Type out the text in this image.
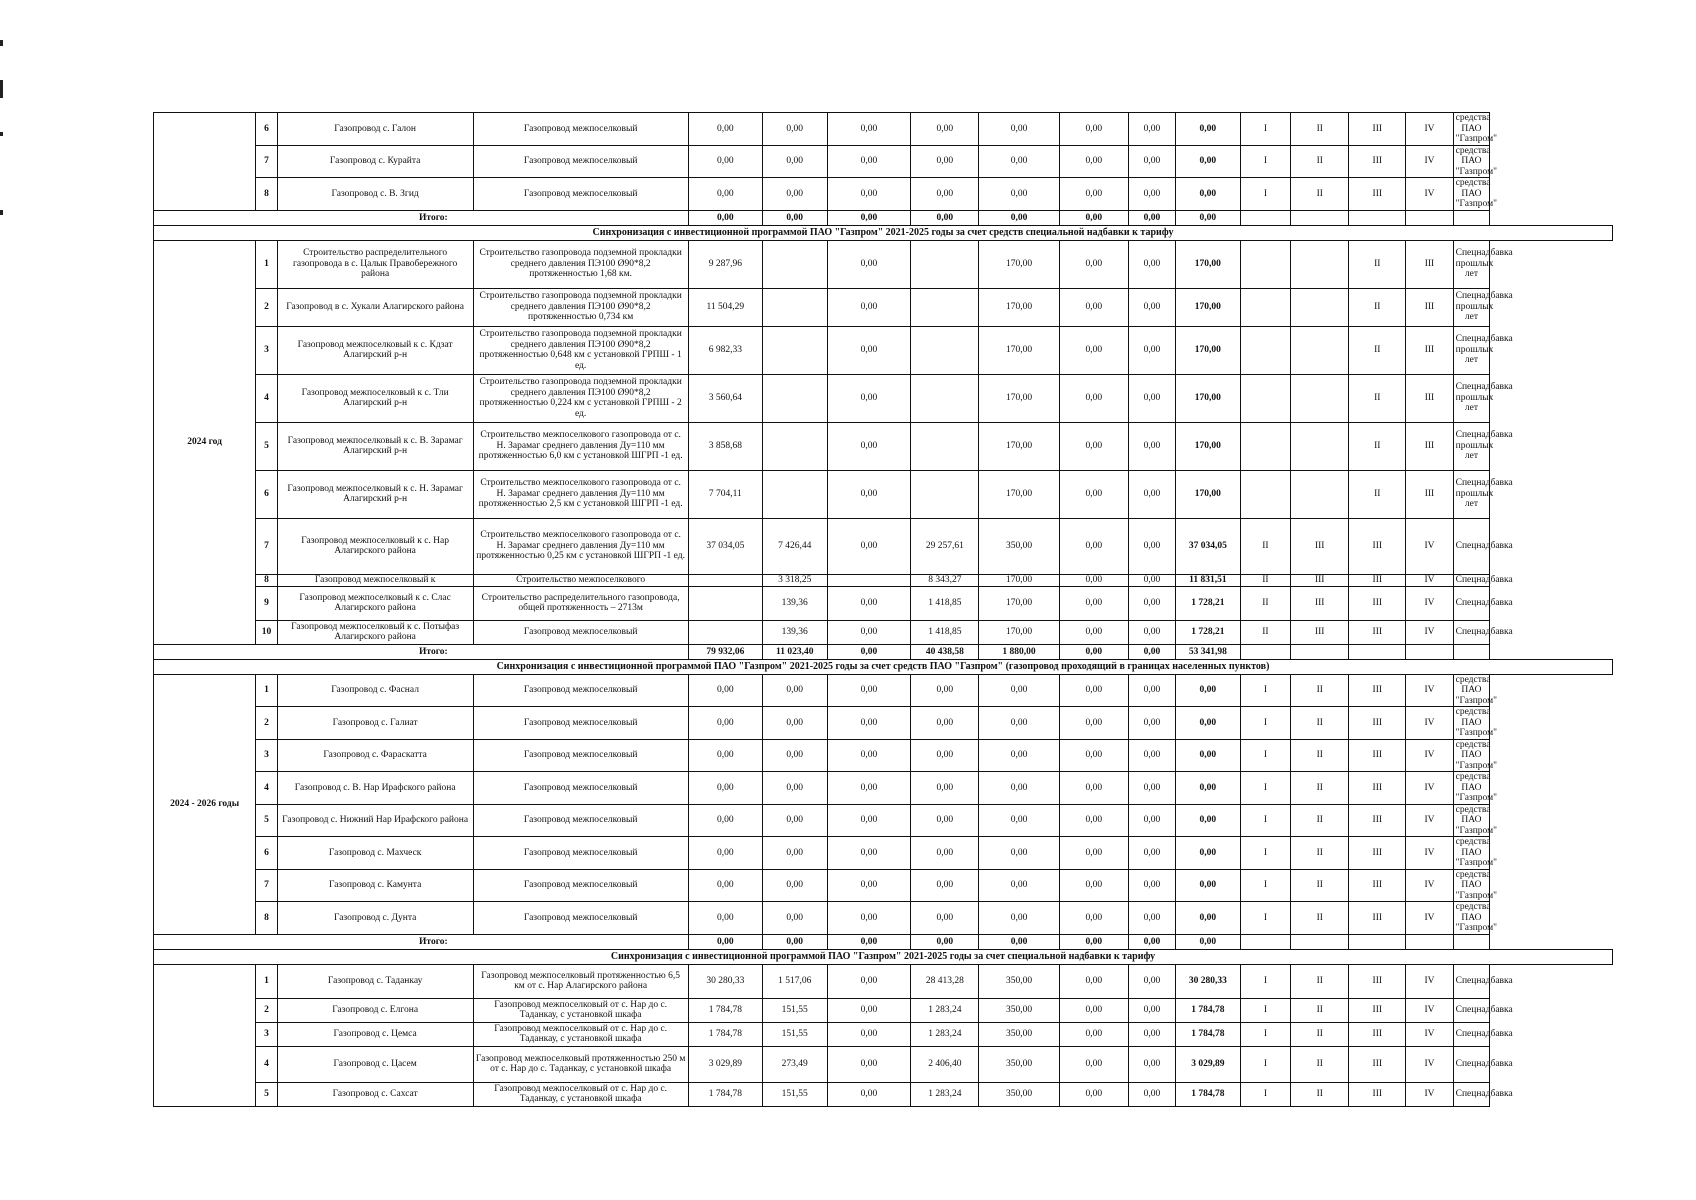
	6	Газопровод с. Галон	Газопровод межпоселковый	0,00	0,00	0,00	0,00	0,00	0,00	0,00	0,00	I	II	III	IV	средства ПАО "Газпром"
	7	Газопровод с. Курайта	Газопровод межпоселковый	0,00	0,00	0,00	0,00	0,00	0,00	0,00	0,00	I	II	III	IV	средства ПАО "Газпром"
	8	Газопровод с. В. Згид	Газопровод межпоселковый	0,00	0,00	0,00	0,00	0,00	0,00	0,00	0,00	I	II	III	IV	средства ПАО "Газпром"
Итого:				0,00	0,00	0,00	0,00	0,00	0,00	0,00	0,00					
Синхронизация с инвестиционной программой ПАО "Газпром" 2021-2025 годы за счет средств специальной надбавки к тарифу																
2024 год	1	Строительство распределительного газопровода в с. Цалык Правобережного района	Строительство газопровода подземной прокладки среднего давления ПЭ100 Ø90*8,2 протяженностью 1,68 км.	9 287,96		0,00		170,00	0,00	0,00	170,00			II	III	Спецнадбавка прошлых лет
	2	Газопровод в с. Хукали Алагирского района	Строительство газопровода подземной прокладки среднего давления ПЭ100 Ø90*8,2 протяженностью 0,734 км	11 504,29		0,00		170,00	0,00	0,00	170,00			II	III	Спецнадбавка прошлых лет
	3	Газопровод межпоселковый к с. Кдзат Алагирский р-н	Строительство газопровода подземной прокладки среднего давления ПЭ100 Ø90*8,2 протяженностью 0,648 км с установкой ГРПШ - 1 ед.	6 982,33		0,00		170,00	0,00	0,00	170,00			II	III	Спецнадбавка прошлых лет
	4	Газопровод межпоселковый к с. Тли Алагирский р-н	Строительство газопровода подземной прокладки среднего давления ПЭ100 Ø90*8,2 протяженностью 0,224 км с установкой ГРПШ - 2 ед.	3 560,64		0,00		170,00	0,00	0,00	170,00			II	III	Спецнадбавка прошлых лет
	5	Газопровод межпоселковый к с. В. Зарамаг Алагирский р-н	Строительство межпоселкового газопровода от с. Н. Зарамаг среднего давления Ду=110 мм протяженностью 6,0 км с установкой ШГРП -1 ед.	3 858,68		0,00		170,00	0,00	0,00	170,00			II	III	Спецнадбавка прошлых лет
	6	Газопровод межпоселковый к с. Н. Зарамаг Алагирский р-н	Строительство межпоселкового газопровода от с. Н. Зарамаг среднего давления Ду=110 мм протяженностью 2,5 км с установкой ШГРП -1 ед.	7 704,11		0,00		170,00	0,00	0,00	170,00			II	III	Спецнадбавка прошлых лет
	7	Газопровод межпоселковый к с. Нар Алагирского района	Строительство межпоселкового газопровода от с. Н. Зарамаг среднего давления Ду=110 мм протяженностью 0,25 км с установкой ШГРП -1 ед.	37 034,05	7 426,44	0,00	29 257,61	350,00	0,00	0,00	37 034,05	II	III	III	IV	Спецнадбавка
	8	Газопровод межпоселковый к	Строительство межпоселкового		3 318,25		8 343,27	170,00	0,00	0,00	11 831,51	II	III	III	IV	Спецнадбавка
	9	Газопровод межпоселковый к с. Слас Алагирского района	Строительство распределительного газопровода, общей протяженность – 2713м		139,36	0,00	1 418,85	170,00	0,00	0,00	1 728,21	II	III	III	IV	Спецнадбавка
	10	Газопровод межпоселковый к с. Потыфаз Алагирского района	Газопровод межпоселковый		139,36	0,00	1 418,85	170,00	0,00	0,00	1 728,21	II	III	III	IV	Спецнадбавка
Итого:				79 932,06	11 023,40	0,00	40 438,58	1 880,00	0,00	0,00	53 341,98					
Синхронизация с инвестиционной программой ПАО "Газпром" 2021-2025 годы за счет средств ПАО "Газпром" (газопровод проходящий в границах населенных пунктов)																
2024 - 2026 годы	1	Газопровод с. Фаснал	Газопровод межпоселковый	0,00	0,00	0,00	0,00	0,00	0,00	0,00	0,00	I	II	III	IV	средства ПАО "Газпром"
	2	Газопровод с. Галиат	Газопровод межпоселковый	0,00	0,00	0,00	0,00	0,00	0,00	0,00	0,00	I	II	III	IV	средства ПАО "Газпром"
	3	Газопровод с. Фараскатта	Газопровод межпоселковый	0,00	0,00	0,00	0,00	0,00	0,00	0,00	0,00	I	II	III	IV	средства ПАО "Газпром"
	4	Газопровод с. В. Нар Ирафского района	Газопровод межпоселковый	0,00	0,00	0,00	0,00	0,00	0,00	0,00	0,00	I	II	III	IV	средства ПАО "Газпром"
	5	Газопровод с. Нижний Нар Ирафского района	Газопровод межпоселковый	0,00	0,00	0,00	0,00	0,00	0,00	0,00	0,00	I	II	III	IV	средства ПАО "Газпром"
	6	Газопровод с. Махческ	Газопровод межпоселковый	0,00	0,00	0,00	0,00	0,00	0,00	0,00	0,00	I	II	III	IV	средства ПАО "Газпром"
	7	Газопровод с. Камунта	Газопровод межпоселковый	0,00	0,00	0,00	0,00	0,00	0,00	0,00	0,00	I	II	III	IV	средства ПАО "Газпром"
	8	Газопровод с. Дунта	Газопровод межпоселковый	0,00	0,00	0,00	0,00	0,00	0,00	0,00	0,00	I	II	III	IV	средства ПАО "Газпром"
Итого:				0,00	0,00	0,00	0,00	0,00	0,00	0,00	0,00					
Синхронизация с инвестиционной программой ПАО "Газпром" 2021-2025 годы за счет специальной надбавки к тарифу																
	1	Газопровод с. Таданкау	Газопровод межпоселковый протяженностью 6,5 км от с. Нар Алагирского района	30 280,33	1 517,06	0,00	28 413,28	350,00	0,00	0,00	30 280,33	I	II	III	IV	Спецнадбавка
	2	Газопровод с. Елгона	Газопровод межпоселковый от с. Нар до с. Таданкау, с установкой шкафа	1 784,78	151,55	0,00	1 283,24	350,00	0,00	0,00	1 784,78	I	II	III	IV	Спецнадбавка
	3	Газопровод с. Цемса	Газопровод межпоселковый от с. Нар до с. Таданкау, с установкой шкафа	1 784,78	151,55	0,00	1 283,24	350,00	0,00	0,00	1 784,78	I	II	III	IV	Спецнадбавка
	4	Газопровод с. Цасем	Газопровод межпоселковый протяженностью 250 м от с. Нар до с. Таданкау, с установкой шкафа	3 029,89	273,49	0,00	2 406,40	350,00	0,00	0,00	3 029,89	I	II	III	IV	Спецнадбавка
	5	Газопровод с. Сахсат	Газопровод межпоселковый от с. Нар до с. Таданкау, с установкой шкафа	1 784,78	151,55	0,00	1 283,24	350,00	0,00	0,00	1 784,78	I	II	III	IV	Спецнадбавка
